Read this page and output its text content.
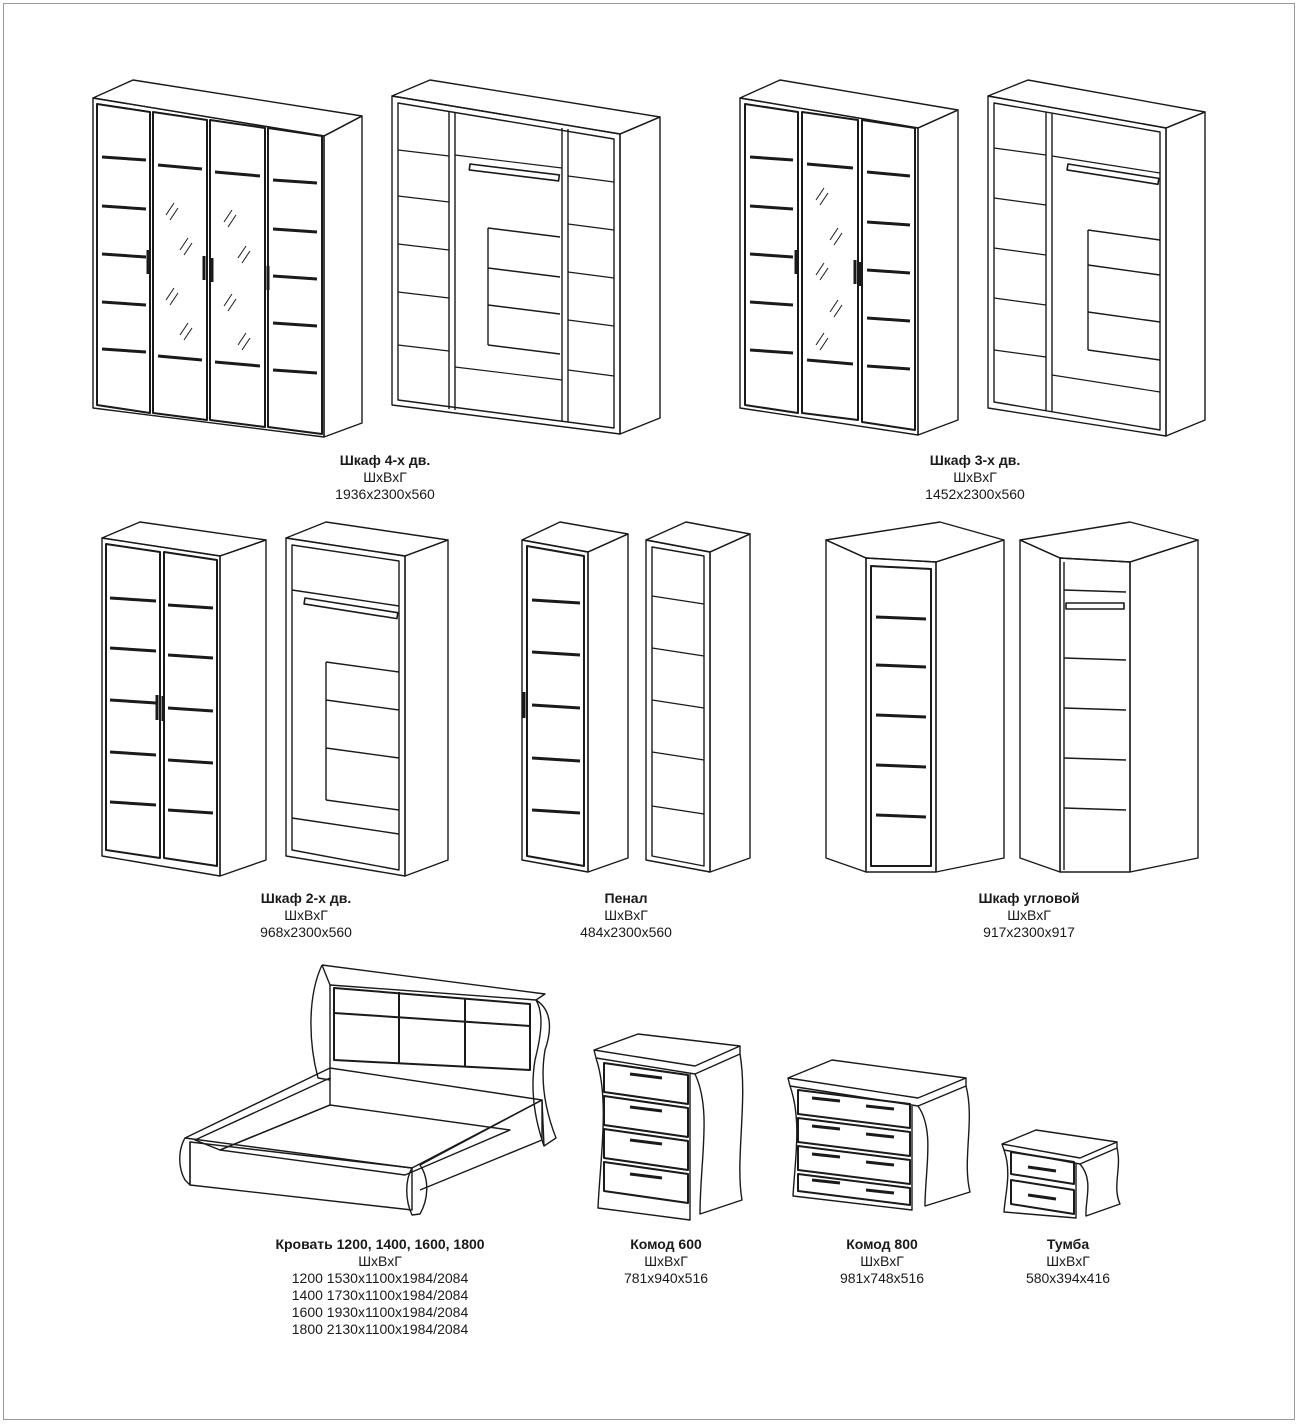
Шкаф 4-х дв.
ШхВхГ
1936х2300х560
Шкаф 3-х дв.
ШхВхГ
1452х2300х560
Шкаф 2-х дв.
ШхВхГ
968х2300х560
Пенал
ШхВхГ
484х2300х560
Шкаф угловой
ШхВхГ
917х2300х917
Кровать 1200, 1400, 1600, 1800
ШхВхГ
1200 1530х1100х1984/2084
1400 1730х1100х1984/2084
1600 1930х1100х1984/2084
1800 2130х1100х1984/2084
Комод 600
ШхВхГ
781х940х516
Комод 800
ШхВхГ
981х748х516
Тумба
ШхВхГ
580х394х416
